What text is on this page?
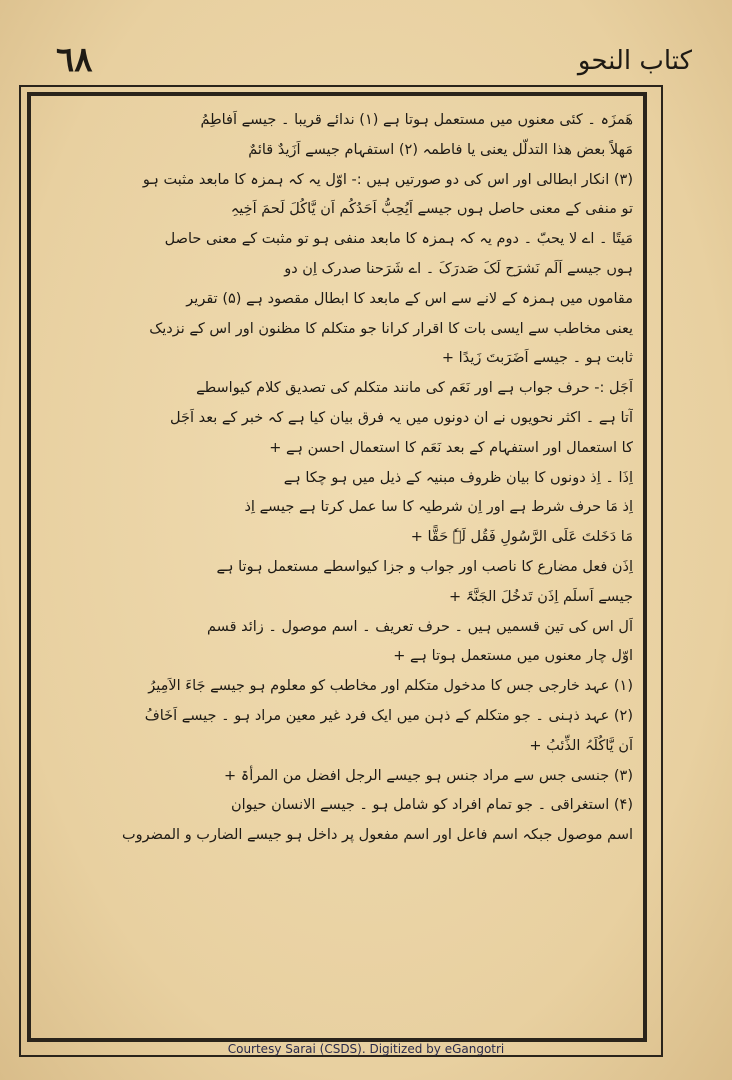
٦٨	کتاب النحو
ھَمزَہ ۔ کئی معنوں میں مستعمل ہوتا ہے (۱) ندائے قریبا ۔ جیسے اَفاطِمُ
مَھلاً بعض ھذا التدلّل یعنی یا فاطمہ (۲) استفہام جیسے اَزَیدٌ قائمٌ
(۳) انکار ابطالی اور اس کی دو صورتیں ہیں :- اوّل یہ کہ ہمزہ کا مابعد مثبت ہو
تو منفی کے معنی حاصل ہوں جیسے اَیُحِبُّ اَحَدُکُم اَن یَّاکُلَ لَحمَ اَخِیہِ
مَیتًا ۔ اے لا یحبّ ۔ دوم یہ کہ ہمزہ کا مابعد منفی ہو تو مثبت کے معنی حاصل
ہوں جیسے اَلَم نَشرَح لَکَ صَدرَکَ ۔ اے شَرَحنا صدرک اِن دو
مقاموں میں ہمزہ کے لانے سے اس کے مابعد کا ابطال مقصود ہے (۵) تقریر
یعنی مخاطب سے ایسی بات کا اقرار کرانا جو متکلم کا مظنون اور اس کے نزدیک
ثابت ہو ۔ جیسے اَضَرَبتَ زَیدًا +
اَجَل :- حرف جواب ہے اور نَعَم کی مانند متکلم کی تصدیق کلام کیواسطے
آتا ہے ۔ اکثر نحویوں نے ان دونوں میں یہ فرق بیان کیا ہے کہ خبر کے بعد اَجَل
کا استعمال اور استفہام کے بعد نَعَم کا استعمال احسن ہے +
اِذَا ۔ اِذ دونوں کا بیان ظروف مبنیہ کے ذیل میں ہو چکا ہے
اِذ مَا حرف شرط ہے اور اِن شرطیہ کا سا عمل کرتا ہے جیسے اِذ
مَا دَخَلتَ عَلَی الرَّسُولِ فَقُل لَہٗ حَقًّا +
اِذَن فعل مضارع کا ناصب اور جواب و جزا کیواسطے مستعمل ہوتا ہے
جیسے اَسلَم اِذَن تَدخُلَ الجَنَّۃَ +
اَل اس کی تین قسمیں ہیں ۔ حرف تعریف ۔ اسم موصول ۔ زائد قسم
اوّل چار معنوں میں مستعمل ہوتا ہے +
(۱) عہد خارجی جس کا مدخول متکلم اور مخاطب کو معلوم ہو جیسے جَاءَ الاَمِیرُ
(۲) عہد ذہنی ۔ جو متکلم کے ذہن میں ایک فرد غیر معین مراد ہو ۔ جیسے اَخَافُ
اَن یَّاکُلَہُ الذِّئبُ +
(۳) جنسی جس سے مراد جنس ہو جیسے الرجل افضل من المرأۃ +
(۴) استغراقی ۔ جو تمام افراد کو شامل ہو ۔ جیسے الانسان حیوان
اسم موصول جبکہ اسم فاعل اور اسم مفعول پر داخل ہو جیسے الضارب و المضروب
Courtesy Sarai (CSDS). Digitized by eGangotri
